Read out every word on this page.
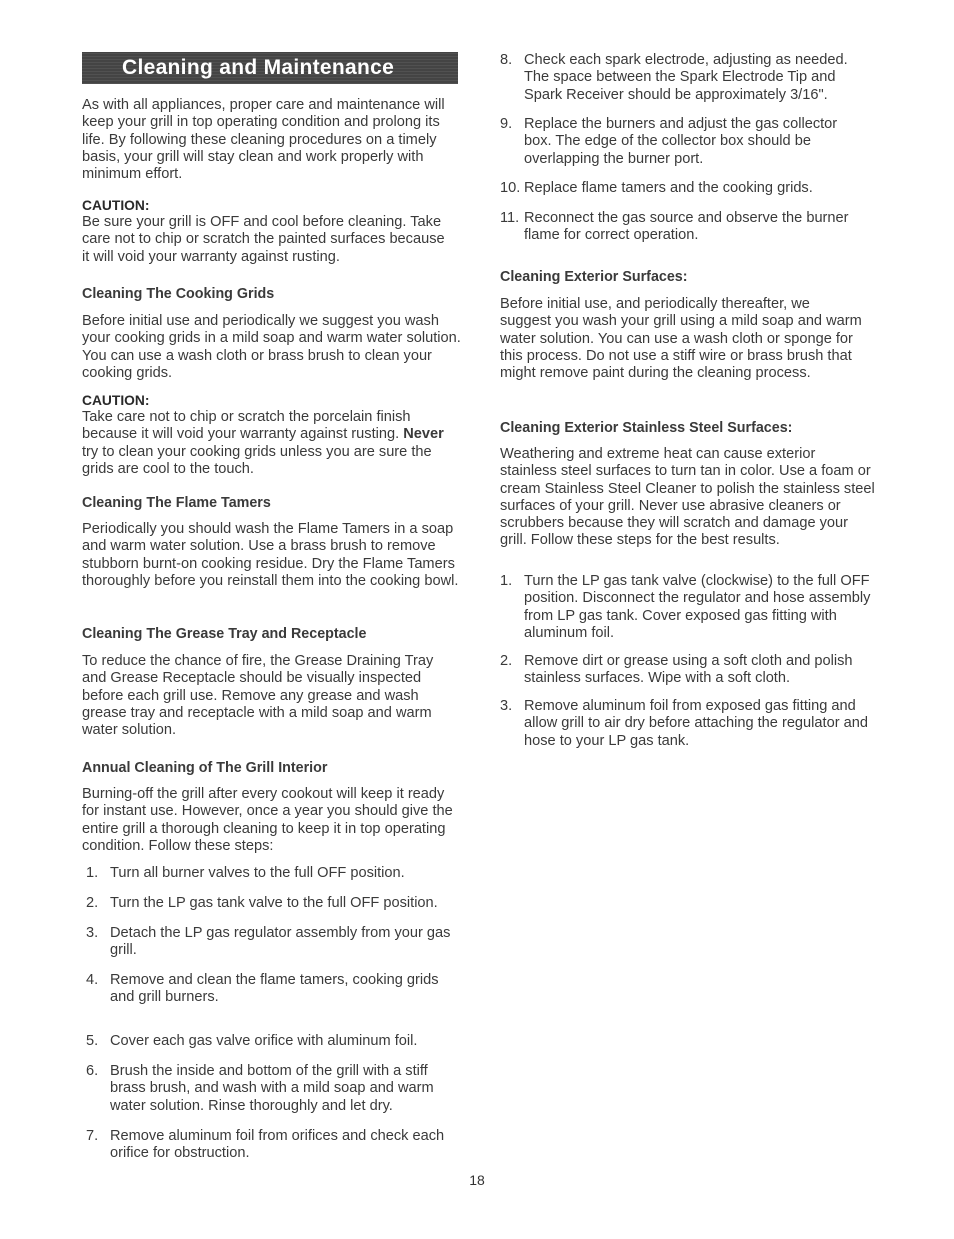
Cleaning and Maintenance

As with all appliances, proper care and maintenance will keep your grill in top operating condition and prolong its life. By following these cleaning procedures on a timely basis, your grill will stay clean and work properly with minimum effort.

CAUTION:

Be sure your grill is OFF and cool before cleaning. Take care not to chip or scratch the painted surfaces because it will void your warranty against rusting.

Cleaning The Cooking Grids

Before initial use and periodically we suggest you wash your cooking grids in a mild soap and warm water solution. You can use a wash cloth or brass brush to clean your cooking grids.

CAUTION:

Take care not to chip or scratch the porcelain finish because it will void your warranty against rusting. Never try to clean your cooking grids unless you are sure the grids are cool to the touch.

Cleaning The Flame Tamers

Periodically you should wash the Flame Tamers in a soap and warm water solution. Use a brass brush to remove stubborn burnt-on cooking residue. Dry the Flame Tamers thoroughly before you reinstall them into the cooking bowl.

Cleaning The Grease Tray and Receptacle

To reduce the chance of fire, the Grease Draining Tray and Grease Receptacle should be visually inspected before each grill use. Remove any grease and wash grease tray and receptacle with a mild soap and warm water solution.

Annual Cleaning of The Grill Interior

Burning-off the grill after every cookout will keep it ready for instant use. However, once a year you should give the entire grill a thorough cleaning to keep it in top operating condition. Follow these steps:

1. Turn all burner valves to the full OFF position.
2. Turn the LP gas tank valve to the full OFF position.
3. Detach the LP gas regulator assembly from your gas grill.
4. Remove and clean the flame tamers, cooking grids and grill burners.
5. Cover each gas valve orifice with aluminum foil.
6. Brush the inside and bottom of the grill with a stiff brass brush, and wash with a mild soap and warm water solution. Rinse thoroughly and let dry.
7. Remove aluminum foil from orifices and check each orifice for obstruction.
8. Check each spark electrode, adjusting as needed. The space between the Spark Electrode Tip and Spark Receiver should be approximately 3/16".
9. Replace the burners and adjust the gas collector box. The edge of the collector box should be overlapping the burner port.
10. Replace flame tamers and the cooking grids.
11. Reconnect the gas source and observe the burner flame for correct operation.
Cleaning Exterior Surfaces:

Before initial use, and periodically thereafter, we suggest you wash your grill using a mild soap and warm water solution. You can use a wash cloth or sponge for this process. Do not use a stiff wire or brass brush that might remove paint during the cleaning process.

Cleaning Exterior Stainless Steel Surfaces:

Weathering and extreme heat can cause exterior stainless steel surfaces to turn tan in color. Use a foam or cream Stainless Steel Cleaner to polish the stainless steel surfaces of your grill. Never use abrasive cleaners or scrubbers because they will scratch and damage your grill. Follow these steps for the best results.

1. Turn the LP gas tank valve (clockwise) to the full OFF position. Disconnect the regulator and hose assembly from LP gas tank. Cover exposed gas fitting with aluminum foil.
2. Remove dirt or grease using a soft cloth and polish stainless surfaces. Wipe with a soft cloth.
3. Remove aluminum foil from exposed gas fitting and allow grill to air dry before attaching the regulator and hose to your LP gas tank.
18
